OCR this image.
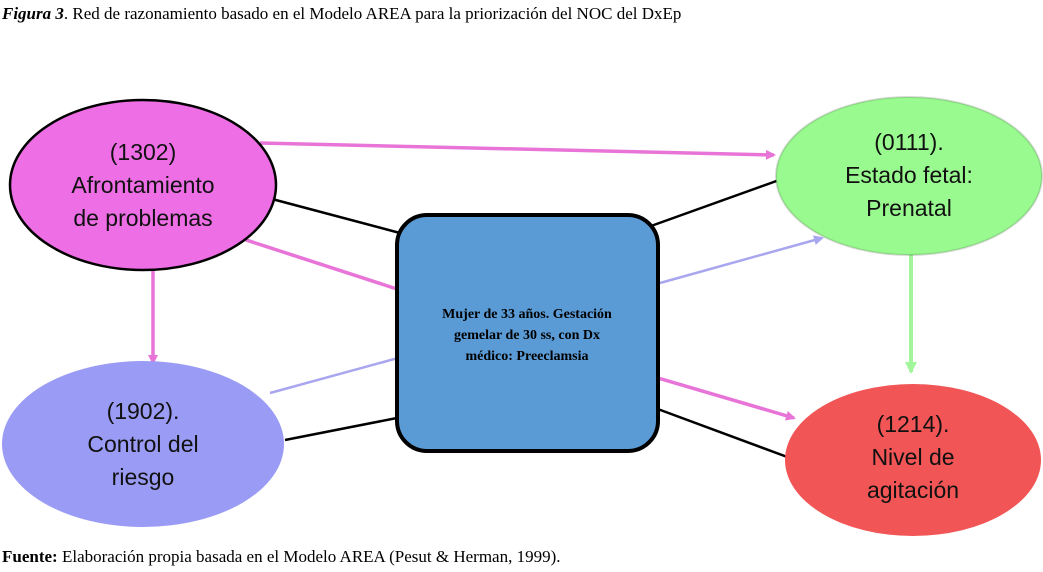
Figura 3. Red de razonamiento basado en el Modelo AREA para la priorización del NOC del DxEp
(1302)
Afrontamiento
de problemas
(0111).
Estado fetal:
Prenatal
(1902).
Control del
riesgo
(1214).
Nivel de
agitación
Mujer de 33 años. Gestación
gemelar de 30 ss, con Dx
médico: Preeclamsia
Fuente: Elaboración propia basada en el Modelo AREA (Pesut & Herman, 1999).
